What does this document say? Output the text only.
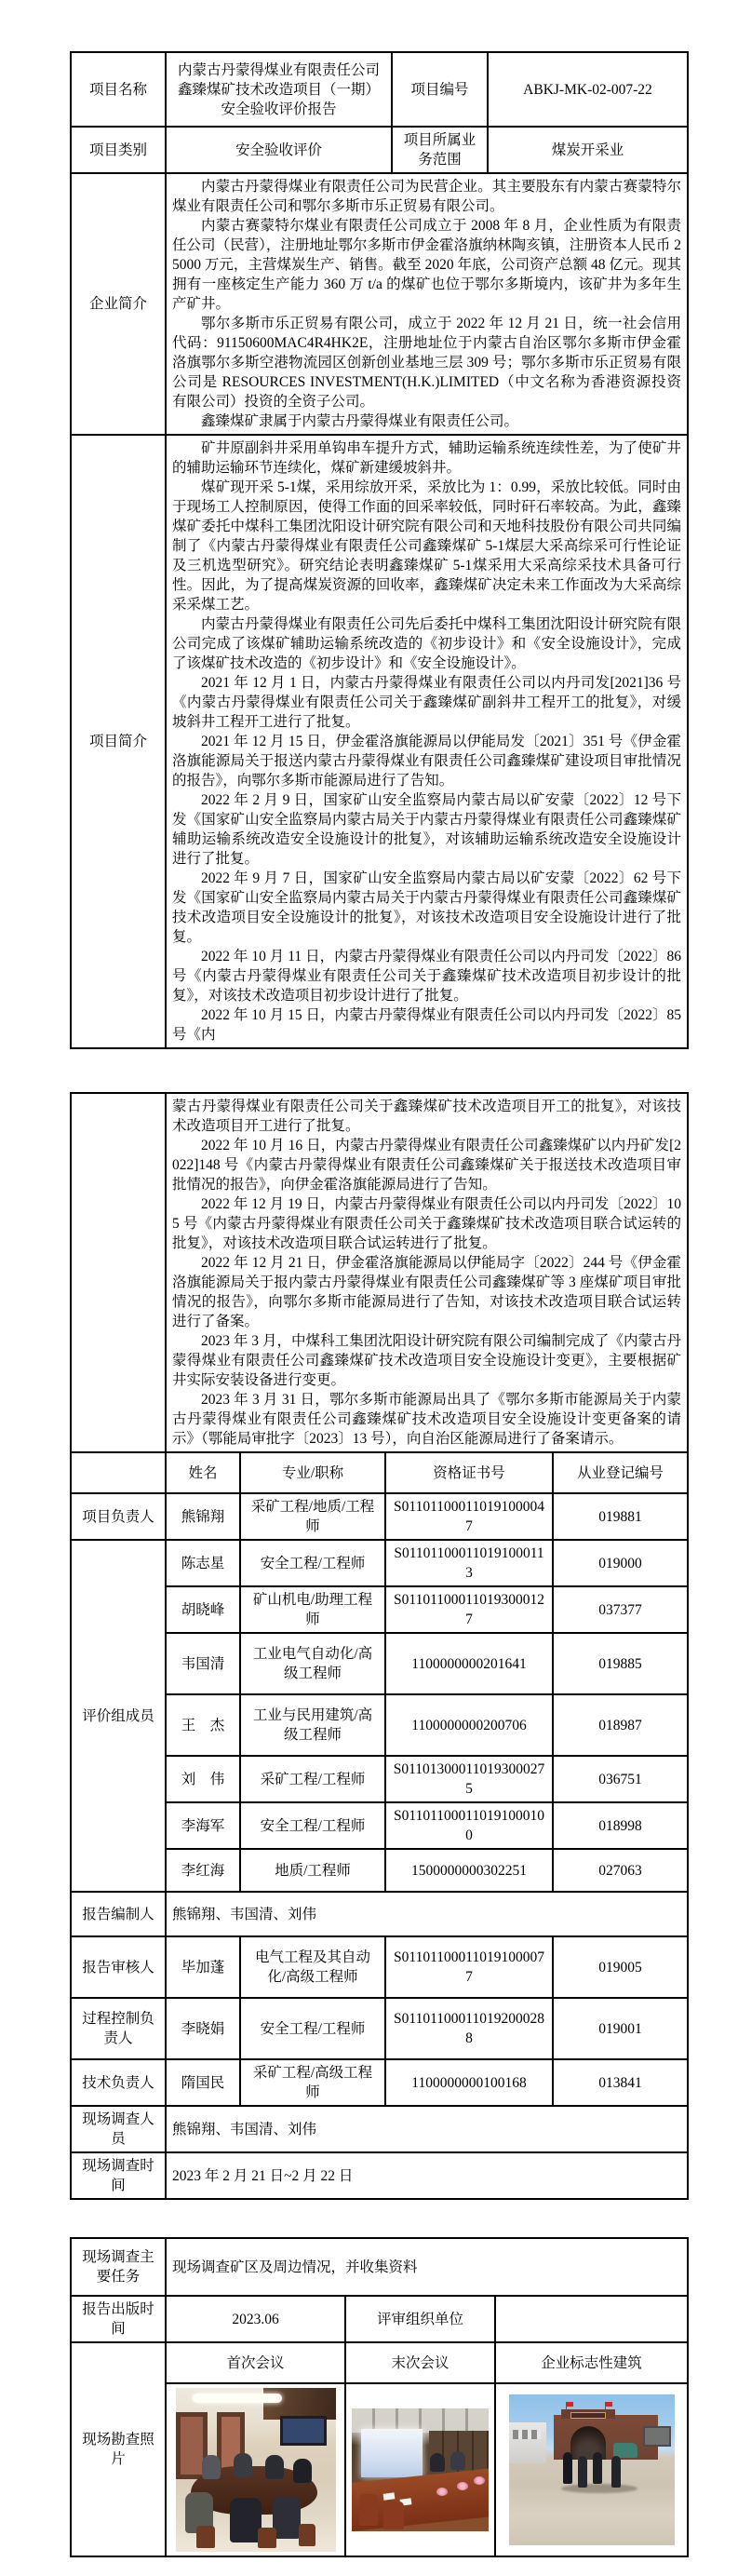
项目名称	内蒙古丹蒙得煤业有限责任公司鑫臻煤矿技术改造项目（一期）安全验收评价报告	项目编号	ABKJ-MK-02-007-22
项目类别	安全验收评价	项目所属业务范围	煤炭开采业
企业简介	内蒙古丹蒙得煤业有限责任公司为民营企业。其主要股东有内蒙古赛蒙特尔煤业有限责任公司和鄂尔多斯市乐正贸易有限公司。

内蒙古赛蒙特尔煤业有限责任公司成立于 2008 年 8 月，企业性质为有限责任公司（民营），注册地址鄂尔多斯市伊金霍洛旗纳林陶亥镇，注册资本人民币 25000 万元，主营煤炭生产、销售。截至 2020 年底，公司资产总额 48 亿元。现其拥有一座核定生产能力 360 万 t/a 的煤矿也位于鄂尔多斯境内，该矿井为多年生产矿井。

鄂尔多斯市乐正贸易有限公司，成立于 2022 年 12 月 21 日，统一社会信用代码：91150600MAC4R4HK2E，注册地址位于内蒙古自治区鄂尔多斯市伊金霍洛旗鄂尔多斯空港物流园区创新创业基地三层 309 号；鄂尔多斯市乐正贸易有限公司是 RESOURCES INVESTMENT(H.K.)LIMITED（中文名称为香港资源投资有限公司）投资的全资子公司。

鑫臻煤矿隶属于内蒙古丹蒙得煤业有限责任公司。		

项目简介	

矿井原副斜井采用单钩串车提升方式，辅助运输系统连续性差，为了使矿井的辅助运输环节连续化，煤矿新建缓坡斜井。

煤矿现开采 5-1煤，采用综放开采，采放比为 1：0.99，采放比较低。同时由于现场工人控制原因，使得工作面的回采率较低，同时矸石率较高。为此，鑫臻煤矿委托中煤科工集团沈阳设计研究院有限公司和天地科技股份有限公司共同编制了《内蒙古丹蒙得煤业有限责任公司鑫臻煤矿 5-1煤层大采高综采可行性论证及三机选型研究》。研究结论表明鑫臻煤矿 5-1煤采用大采高综采技术具备可行性。因此，为了提高煤炭资源的回收率，鑫臻煤矿决定未来工作面改为大采高综采采煤工艺。

内蒙古丹蒙得煤业有限责任公司先后委托中煤科工集团沈阳设计研究院有限公司完成了该煤矿辅助运输系统改造的《初步设计》和《安全设施设计》，完成了该煤矿技术改造的《初步设计》和《安全设施设计》。

2021 年 12 月 1 日，内蒙古丹蒙得煤业有限责任公司以内丹司发[2021]36 号《内蒙古丹蒙得煤业有限责任公司关于鑫臻煤矿副斜井工程开工的批复》，对缓坡斜井工程开工进行了批复。

2021 年 12 月 15 日，伊金霍洛旗能源局以伊能局发〔2021〕351 号《伊金霍洛旗能源局关于报送内蒙古丹蒙得煤业有限责任公司鑫臻煤矿建设项目审批情况的报告》，向鄂尔多斯市能源局进行了告知。

2022 年 2 月 9 日，国家矿山安全监察局内蒙古局以矿安蒙〔2022〕12 号下发《国家矿山安全监察局内蒙古局关于内蒙古丹蒙得煤业有限责任公司鑫臻煤矿辅助运输系统改造安全设施设计的批复》，对该辅助运输系统改造安全设施设计进行了批复。

2022 年 9 月 7 日，国家矿山安全监察局内蒙古局以矿安蒙〔2022〕62 号下发《国家矿山安全监察局内蒙古局关于内蒙古丹蒙得煤业有限责任公司鑫臻煤矿技术改造项目安全设施设计的批复》，对该技术改造项目安全设施设计进行了批复。

2022 年 10 月 11 日，内蒙古丹蒙得煤业有限责任公司以内丹司发〔2022〕86 号《内蒙古丹蒙得煤业有限责任公司关于鑫臻煤矿技术改造项目初步设计的批复》，对该技术改造项目初步设计进行了批复。

2022 年 10 月 15 日，内蒙古丹蒙得煤业有限责任公司以内丹司发〔2022〕85 号《内

蒙古丹蒙得煤业有限责任公司关于鑫臻煤矿技术改造项目开工的批复》，对该技术改造项目开工进行了批复。

2022 年 10 月 16 日，内蒙古丹蒙得煤业有限责任公司鑫臻煤矿以内丹矿发[2022]148 号《内蒙古丹蒙得煤业有限责任公司鑫臻煤矿关于报送技术改造项目审批情况的报告》，向伊金霍洛旗能源局进行了告知。

2022 年 12 月 19 日，内蒙古丹蒙得煤业有限责任公司以内丹司发〔2022〕105 号《内蒙古丹蒙得煤业有限责任公司关于鑫臻煤矿技术改造项目联合试运转的批复》，对该技术改造项目联合试运转进行了批复。

2022 年 12 月 21 日，伊金霍洛旗能源局以伊能局字〔2022〕244 号《伊金霍洛旗能源局关于报内蒙古丹蒙得煤业有限责任公司鑫臻煤矿等 3 座煤矿项目审批情况的报告》，向鄂尔多斯市能源局进行了告知，对该技术改造项目联合试运转进行了备案。

2023 年 3 月，中煤科工集团沈阳设计研究院有限公司编制完成了《内蒙古丹蒙得煤业有限责任公司鑫臻煤矿技术改造项目安全设施设计变更》，主要根据矿井实际安装设备进行变更。

2023 年 3 月 31 日，鄂尔多斯市能源局出具了《鄂尔多斯市能源局关于内蒙古丹蒙得煤业有限责任公司鑫臻煤矿技术改造项目安全设施设计变更备案的请示》（鄂能局审批字〔2023〕13 号），向自治区能源局进行了备案请示。

	姓名	专业/职称	资格证书号	从业登记编号
项目负责人	熊锦翔	采矿工程/地质/工程师	S011011000110191000047	019881
评价组成员	陈志星	安全工程/工程师	S011011000110191000113	019000
	胡晓峰	矿山机电/助理工程师	S011011000110193000127	037377
	韦国清	工业电气自动化/高级工程师	1100000000201641	019885
	王　杰	工业与民用建筑/高级工程师	1100000000200706	018987
	刘　伟	采矿工程/工程师	S011013000110193000275	036751
	李海军	安全工程/工程师	S011011000110191000100	018998
	李红海	地质/工程师	1500000000302251	027063
报告编制人	熊锦翔、韦国清、刘伟			
报告审核人	毕加蓬	电气工程及其自动化/高级工程师	S011011000110191000077	019005
过程控制负责人	李晓娟	安全工程/工程师	S011011000110192000288	019001
技术负责人	隋国民	采矿工程/高级工程师	1100000000100168	013841
现场调查人员	熊锦翔、韦国清、刘伟			
现场调查时间	2023 年 2 月 21 日~2 月 22 日			
现场调查主要任务	现场调查矿区及周边情况，并收集资料		
报告出版时间	2023.06	评审组织单位	
现场勘查照片	首次会议	末次会议	企业标志性建筑
